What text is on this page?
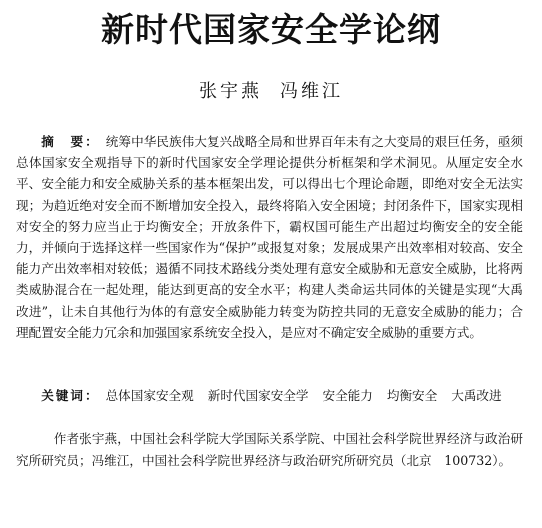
新时代国家安全学论纲
张宇燕 冯维江
摘　要： 统筹中华民族伟大复兴战略全局和世界百年未有之大变局的艰巨任务，亟须总体国家安全观指导下的新时代国家安全学理论提供分析框架和学术洞见。从厘定安全水平、安全能力和安全威胁关系的基本框架出发，可以得出七个理论命题，即绝对安全无法实现；为趋近绝对安全而不断增加安全投入，最终将陷入安全困境；封闭条件下，国家实现相对安全的努力应当止于均衡安全；开放条件下，霸权国可能生产出超过均衡安全的安全能力，并倾向于选择这样一些国家作为“保护”或报复对象；发展成果产出效率相对较高、安全能力产出效率相对较低；遏循不同技术路线分类处理有意安全威胁和无意安全威胁，比将两类威胁混合在一起处理，能达到更高的安全水平；构建人类命运共同体的关键是实现“大禹改进”，让未自其他行为体的有意安全威胁能力转变为防控共同的无意安全威胁的能力；合理配置安全能力冗余和加强国家系统安全投入，是应对不确定安全威胁的重要方式。
关键词： 总体国家安全观 新时代国家安全学 安全能力 均衡安全 大禹改进
作者张宇燕，中国社会科学院大学国际关系学院、中国社会科学院世界经济与政治研究所研究员；冯维江，中国社会科学院世界经济与政治研究所研究员（北京　100732）。
